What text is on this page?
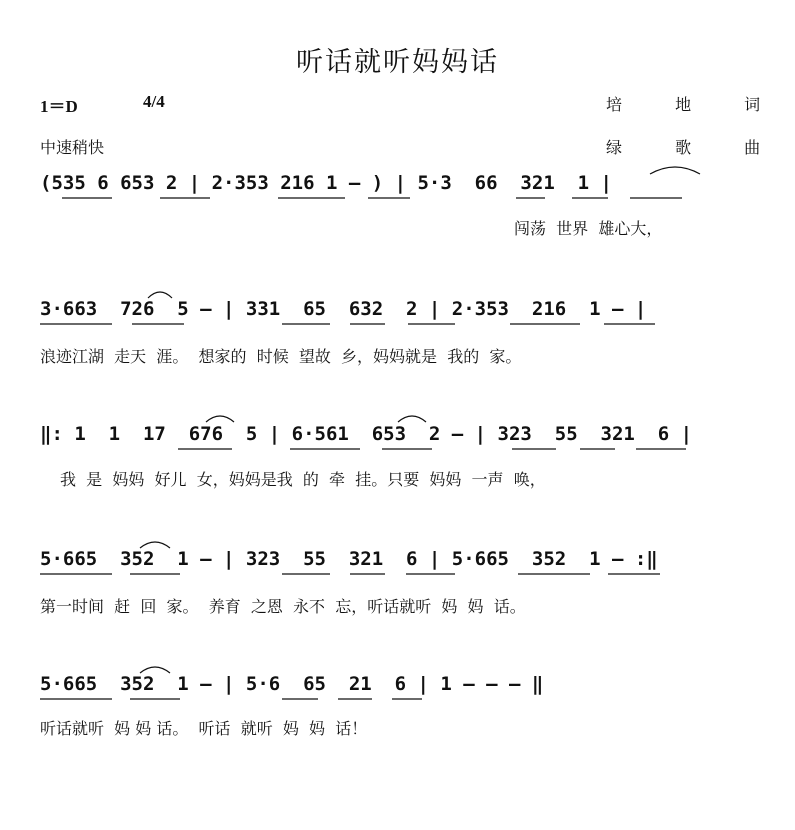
听话就听妈妈话
1＝D	4/4
中速稍快
培 地 词
绿 歌 曲
(535 6 653 2 | 2·353 216 1 – ) | 5·3  66  321  1 |
闯荡  世界  雄心大，
3·663  726  5 – | 331  65  632  2 | 2·353  216  1 – |
浪迹江湖  走天  涯。  想家的  时候  望故  乡，妈妈就是  我的  家。
‖: 1  1  17  676  5 | 6·561  653  2 – | 323  55  321  6 |
我  是  妈妈  好儿  女，妈妈是我  的  牵  挂。只要  妈妈  一声  唤，
5·665  352  1 – | 323  55  321  6 | 5·665  352  1 – :‖
第一时间  赶  回  家。  养育  之恩  永不  忘，听话就听  妈  妈  话。
5·665  352  1 – | 5·6  65  21  6 | 1 – – – ‖
听话就听  妈 妈 话。  听话  就听  妈  妈  话！
